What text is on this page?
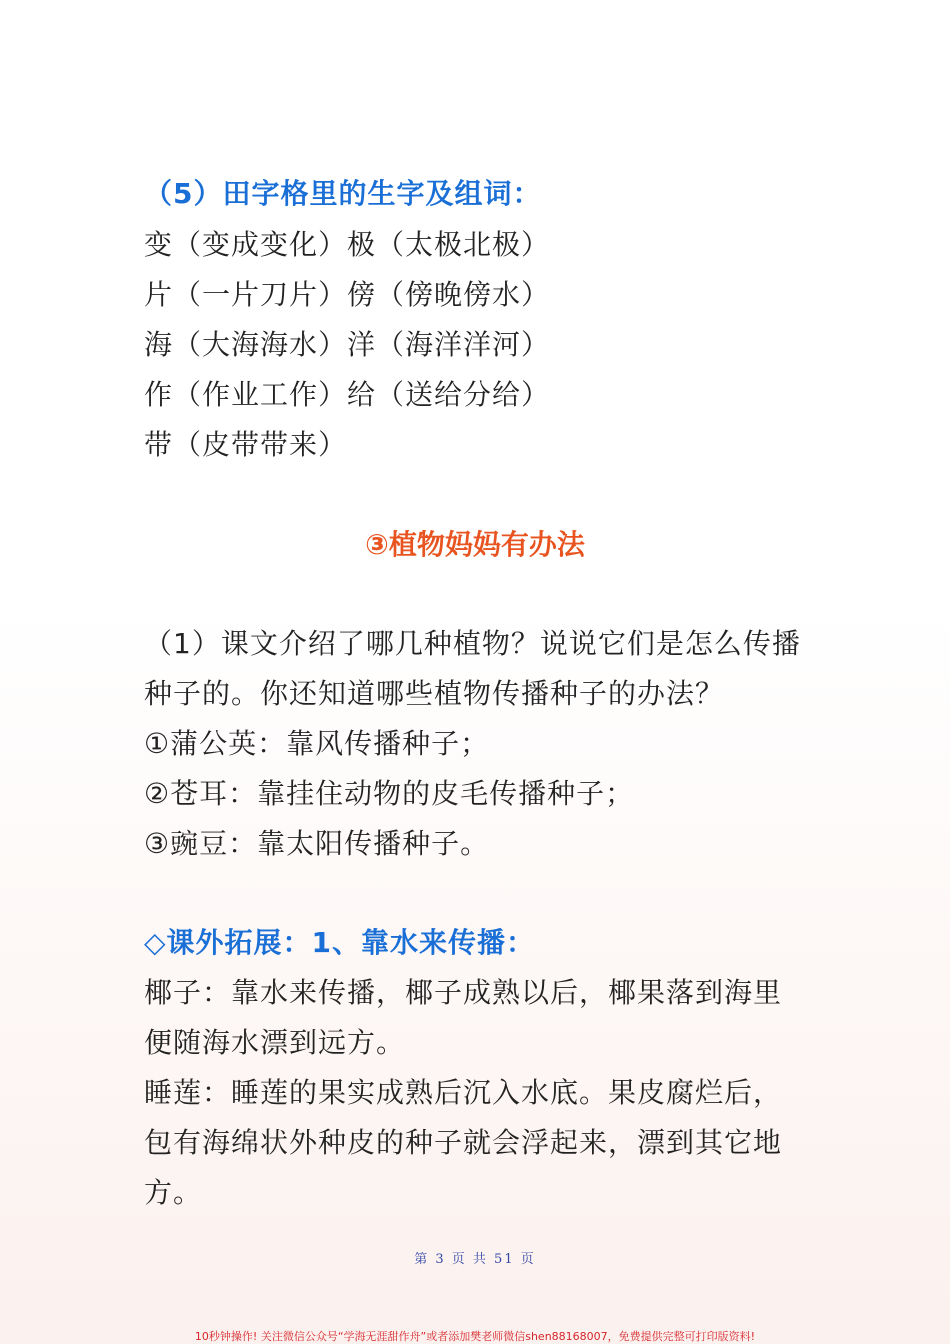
（5）田字格里的生字及组词：
变（变成变化）极（太极北极）
片（一片刀片）傍（傍晚傍水）
海（大海海水）洋（海洋洋河）
作（作业工作）给（送给分给）
带（皮带带来）
③植物妈妈有办法
（1）课文介绍了哪几种植物？说说它们是怎么传播
种子的。你还知道哪些植物传播种子的办法？
①蒲公英：靠风传播种子；
②苍耳：靠挂住动物的皮毛传播种子；
③豌豆：靠太阳传播种子。
◇课外拓展：1、靠水来传播：
椰子：靠水来传播，椰子成熟以后，椰果落到海里
便随海水漂到远方。
睡莲：睡莲的果实成熟后沉入水底。果皮腐烂后，
包有海绵状外种皮的种子就会浮起来，漂到其它地
方。
第 3 页 共 51 页
10秒钟操作! 关注微信公众号“学海无涯甜作舟”或者添加樊老师微信shen88168007，免费提供完整可打印版资料!
